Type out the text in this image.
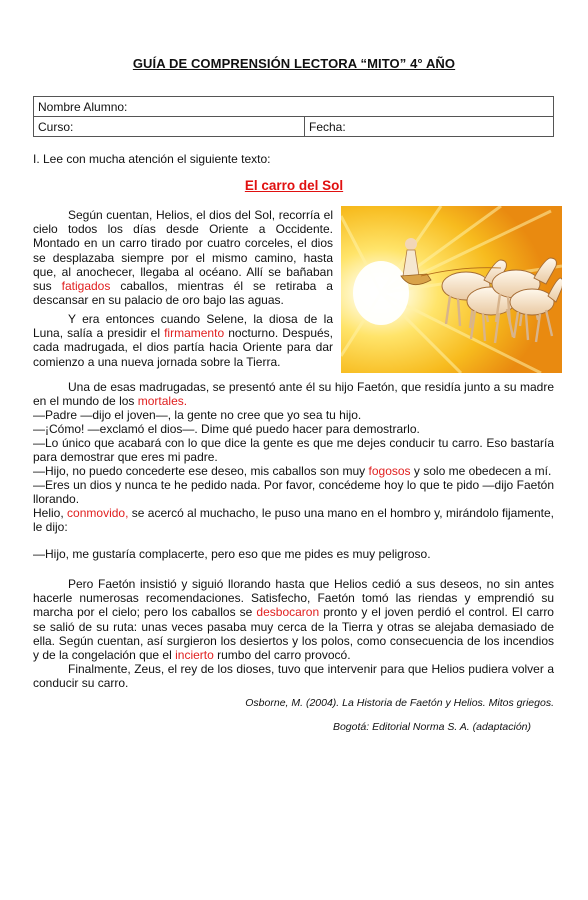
GUÍA DE COMPRENSIÓN LECTORA “MITO” 4° AÑO
Nombre Alumno:
Curso:	Fecha:
I. Lee con mucha atención el siguiente texto:
El carro del Sol

Según cuentan, Helios, el dios del Sol, recorría el cielo todos los días desde Oriente a Occidente. Montado en un carro tirado por cuatro corceles, el dios se desplazaba siempre por el mismo camino, hasta que, al anochecer, llegaba al océano. Allí se bañaban sus fatigados caballos, mientras él se retiraba a descansar en su palacio de oro bajo las aguas.

Y era entonces cuando Selene, la diosa de la Luna, salía a presidir el firmamento nocturno. Después, cada madrugada, el dios partía hacia Oriente para dar comienzo a una nueva jornada sobre la Tierra.

Una de esas madrugadas, se presentó ante él su hijo Faetón, que residía junto a su madre en el mundo de los mortales.

—Padre —dijo el joven—, la gente no cree que yo sea tu hijo.

—¡Cómo! —exclamó el dios—. Dime qué puedo hacer para demostrarlo.

—Lo único que acabará con lo que dice la gente es que me dejes conducir tu carro. Eso bastaría para demostrar que eres mi padre.

—Hijo, no puedo concederte ese deseo, mis caballos son muy fogosos y solo me obedecen a mí.

—Eres un dios y nunca te he pedido nada. Por favor, concédeme hoy lo que te pido —dijo Faetón llorando.

Helio, conmovido, se acercó al muchacho, le puso una mano en el hombro y, mirándolo fijamente, le dijo:

—Hijo, me gustaría complacerte, pero eso que me pides es muy peligroso.

Pero Faetón insistió y siguió llorando hasta que Helios cedió a sus deseos, no sin antes hacerle numerosas recomendaciones. Satisfecho, Faetón tomó las riendas y emprendió su marcha por el cielo; pero los caballos se desbocaron pronto y el joven perdió el control. El carro se salió de su ruta: unas veces pasaba muy cerca de la Tierra y otras se alejaba demasiado de ella. Según cuentan, así surgieron los desiertos y los polos, como consecuencia de los incendios y de la congelación que el incierto rumbo del carro provocó.

Finalmente, Zeus, el rey de los dioses, tuvo que intervenir para que Helios pudiera volver a conducir su carro.

Osborne, M. (2004). La Historia de Faetón y Helios. Mitos griegos.
Bogotá: Editorial Norma S. A. (adaptación)
